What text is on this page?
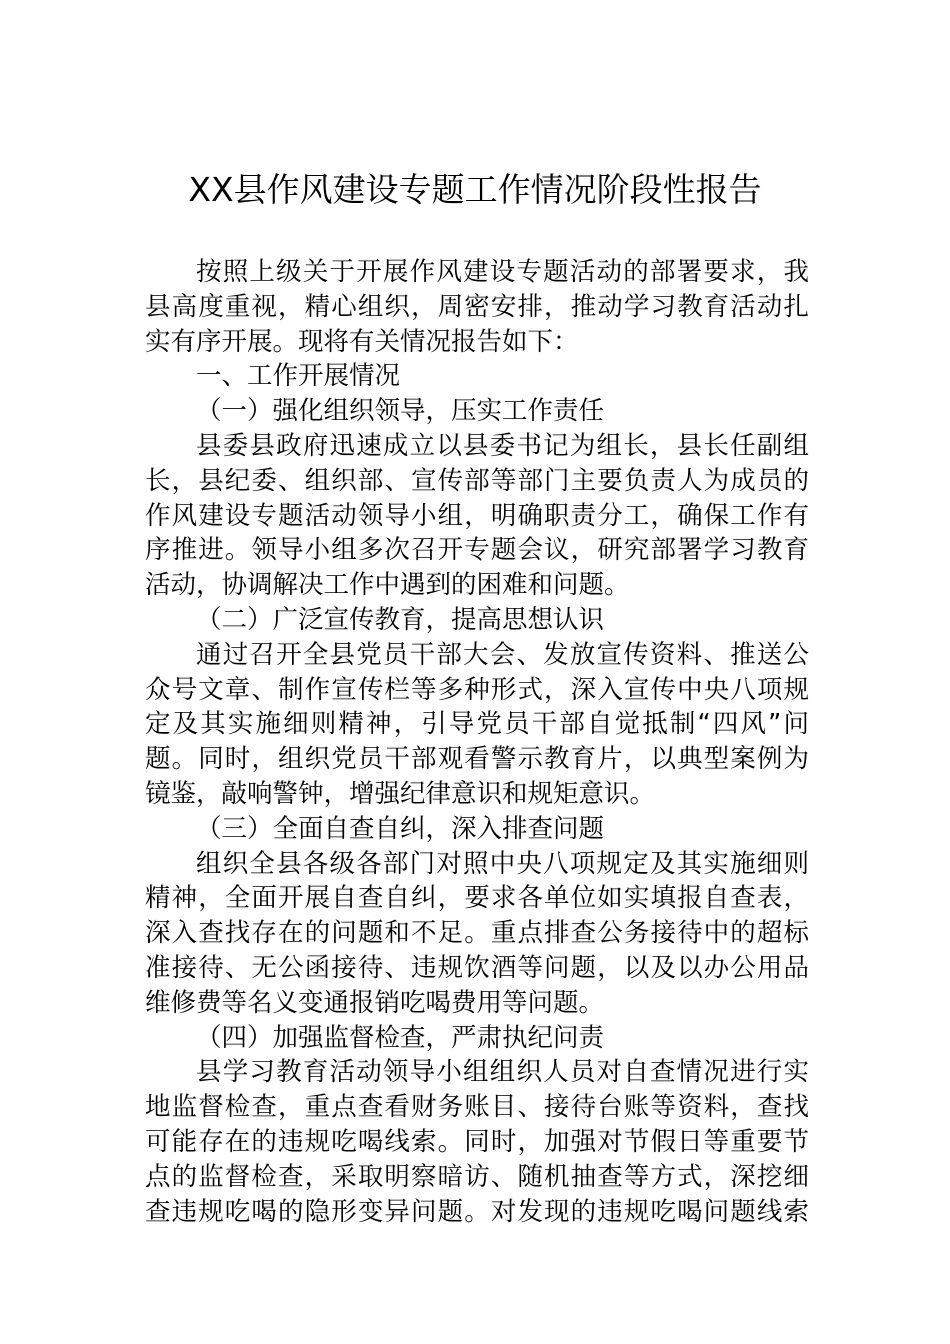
XX县作风建设专题工作情况阶段性报告
按照上级关于开展作风建设专题活动的部署要求，我
县高度重视，精心组织，周密安排，推动学习教育活动扎
实有序开展。现将有关情况报告如下：
一、工作开展情况
（一）强化组织领导，压实工作责任
县委县政府迅速成立以县委书记为组长，县长任副组
长，县纪委、组织部、宣传部等部门主要负责人为成员的
作风建设专题活动领导小组，明确职责分工，确保工作有
序推进。领导小组多次召开专题会议，研究部署学习教育
活动，协调解决工作中遇到的困难和问题。
（二）广泛宣传教育，提高思想认识
通过召开全县党员干部大会、发放宣传资料、推送公
众号文章、制作宣传栏等多种形式，深入宣传中央八项规
定及其实施细则精神，引导党员干部自觉抵制“四风”问
题。同时，组织党员干部观看警示教育片，以典型案例为
镜鉴，敲响警钟，增强纪律意识和规矩意识。
（三）全面自查自纠，深入排查问题
组织全县各级各部门对照中央八项规定及其实施细则
精神，全面开展自查自纠，要求各单位如实填报自查表，
深入查找存在的问题和不足。重点排查公务接待中的超标
准接待、无公函接待、违规饮酒等问题，以及以办公用品
维修费等名义变通报销吃喝费用等问题。
（四）加强监督检查，严肃执纪问责
县学习教育活动领导小组组织人员对自查情况进行实
地监督检查，重点查看财务账目、接待台账等资料，查找
可能存在的违规吃喝线索。同时，加强对节假日等重要节
点的监督检查，采取明察暗访、随机抽查等方式，深挖细
查违规吃喝的隐形变异问题。对发现的违规吃喝问题线索
